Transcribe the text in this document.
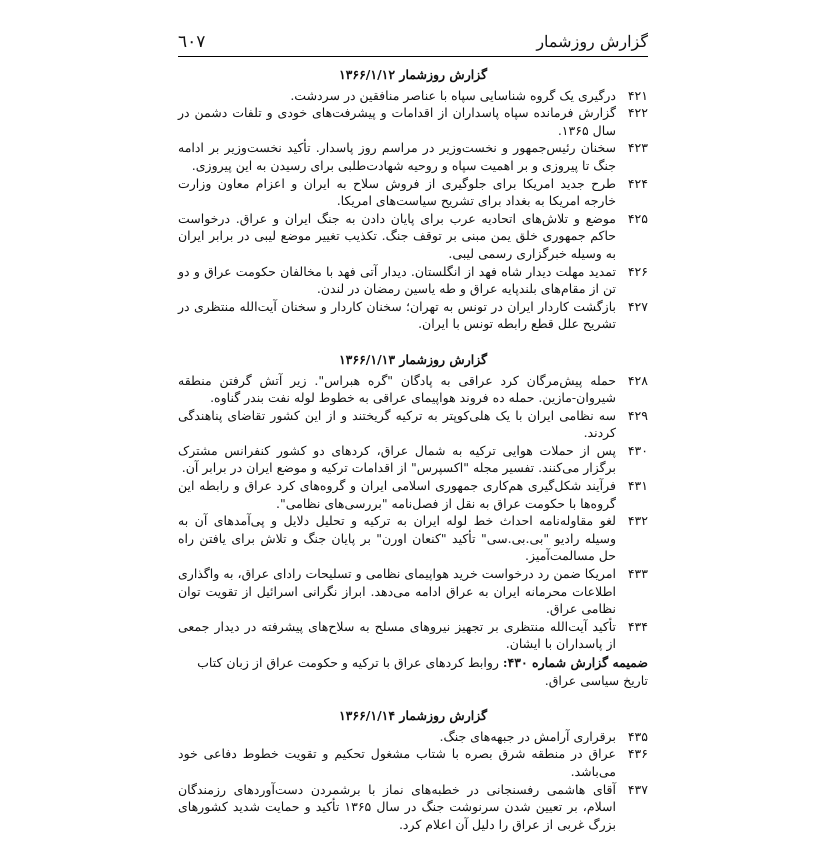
٦٠٧	گزارش روزشمار
گزارش روزشمار ۱۳۶۶/۱/۱۲
۴۲۱
درگیری یک گروه شناسایی سپاه با عناصر منافقین در سردشت.
۴۲۲
گزارش فرمانده سپاه پاسداران از اقدامات و پیشرفت‌های خودی و تلفات دشمن در سال ۱۳۶۵.
۴۲۳
سخنان رئیس‌جمهور و نخست‌وزیر در مراسم روز پاسدار. تأکید نخست‌وزیر بر ادامه جنگ تا پیروزی و بر اهمیت سپاه و روحیه شهادت‌طلبی برای رسیدن به این پیروزی.
۴۲۴
طرح جدید امریکا برای جلوگیری از فروش سلاح به ایران و اعزام معاون وزارت خارجه امریکا به بغداد برای تشریح سیاست‌های امریکا.
۴۲۵
موضع و تلاش‌های اتحادیه عرب برای پایان دادن به جنگ ایران و عراق. درخواست حاکم جمهوری خلق یمن مبنی بر توقف جنگ. تکذیب تغییر موضع لیبی در برابر ایران به وسیله خبرگزاری رسمی لیبی.
۴۲۶
تمدید مهلت دیدار شاه فهد از انگلستان. دیدار آتی فهد با مخالفان حکومت عراق و دو تن از مقام‌های بلندپایه عراق و طه یاسین رمضان در لندن.
۴۲۷
بازگشت کاردار ایران در تونس به تهران؛ سخنان کاردار و سخنان آیت‌الله منتظری در تشریح علل قطع رابطه تونس با ایران.
گزارش روزشمار ۱۳۶۶/۱/۱۳
۴۲۸
حمله پیش‌مرگان کرد عراقی به پادگان "گره هبراس". زیر آتش گرفتن منطقه شیروان-مازین. حمله ده فروند هواپیمای عراقی به خطوط لوله نفت بندر گناوه.
۴۲۹
سه نظامی ایران با یک هلی‌کوپتر به ترکیه گریختند و از این کشور تقاضای پناهندگی کردند.
۴۳۰
پس از حملات هوایی ترکیه به شمال عراق، کردهای دو کشور کنفرانس مشترک برگزار می‌کنند. تفسیر مجله "اکسپرس" از اقدامات ترکیه و موضع ایران در برابر آن.
۴۳۱
فرآیند شکل‌گیری هم‌کاری جمهوری اسلامی ایران و گروه‌های کرد عراق و رابطه این گروه‌ها با حکومت عراق به نقل از فصل‌نامه "بررسی‌های نظامی".
۴۳۲
لغو مقاوله‌نامه احداث خط لوله ایران به ترکیه و تحلیل دلایل و پی‌آمدهای آن به وسیله رادیو "بی.بی.سی" تأکید "کنعان اورن" بر پایان جنگ و تلاش برای یافتن راه حل مسالمت‌آمیز.
۴۳۳
امریکا ضمن رد درخواست خرید هواپیمای نظامی و تسلیحات رادای عراق، به واگذاری اطلاعات محرمانه ایران به عراق ادامه می‌دهد. ابراز نگرانی اسرائیل از تقویت توان نظامی عراق.
۴۳۴
تأکید آیت‌الله منتظری بر تجهیز نیروهای مسلح به سلاح‌های پیشرفته در دیدار جمعی از پاسداران با ایشان.
ضمیمه گزارش شماره ۴۳۰: روابط کردهای عراق با ترکیه و حکومت عراق از زبان کتاب تاریخ سیاسی عراق.
گزارش روزشمار ۱۳۶۶/۱/۱۴
۴۳۵
برقراری آرامش در جبهه‌های جنگ.
۴۳۶
عراق در منطقه شرق بصره با شتاب مشغول تحکیم و تقویت خطوط دفاعی خود می‌باشد.
۴۳۷
آقای هاشمی رفسنجانی در خطبه‌های نماز با برشمردن دست‌آوردهای رزمندگان اسلام، بر تعیین شدن سرنوشت جنگ در سال ۱۳۶۵ تأکید و حمایت شدید کشورهای بزرگ غربی از عراق را دلیل آن اعلام کرد.
